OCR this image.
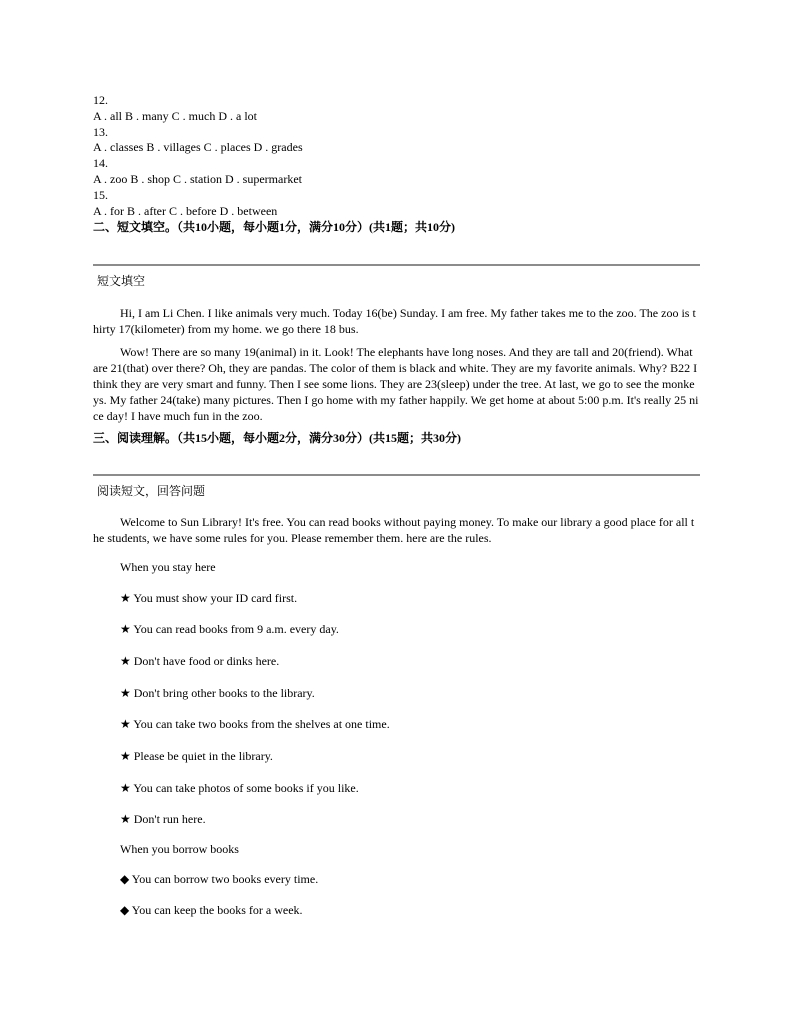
12.
A . all B . many C . much D . a lot
13.
A . classes B . villages C . places D . grades
14.
A . zoo B . shop C . station D . supermarket
15.
A . for B . after C . before D . between
二、短文填空。（共10小题，每小题1分，满分10分）(共1题；共10分)
短文填空

Hi, I am Li Chen. I like animals very much. Today 16(be) Sunday. I am free. My father takes me to the zoo. The zoo is thirty 17(kilometer) from my home. we go there 18 bus.

Wow! There are so many 19(animal) in it. Look! The elephants have long noses. And they are tall and 20(friend). What are 21(that) over there? Oh, they are pandas. The color of them is black and white. They are my favorite animals. Why? B22 I think they are very smart and funny. Then I see some lions. They are 23(sleep) under the tree. At last, we go to see the monkeys. My father 24(take) many pictures. Then I go home with my father happily. We get home at about 5:00 p.m. It's really 25 nice day! I have much fun in the zoo.

三、阅读理解。（共15小题，每小题2分，满分30分）(共15题；共30分)
阅读短文，回答问题

Welcome to Sun Library! It's free. You can read books without paying money. To make our library a good place for all the students, we have some rules for you. Please remember them. here are the rules.

When you stay here
★ You must show your ID card first.
★ You can read books from 9 a.m. every day.
★ Don't have food or dinks here.
★ Don't bring other books to the library.
★ You can take two books from the shelves at one time.
★ Please be quiet in the library.
★ You can take photos of some books if you like.
★ Don't run here.
When you borrow books
◆ You can borrow two books every time.
◆ You can keep the books for a week.
